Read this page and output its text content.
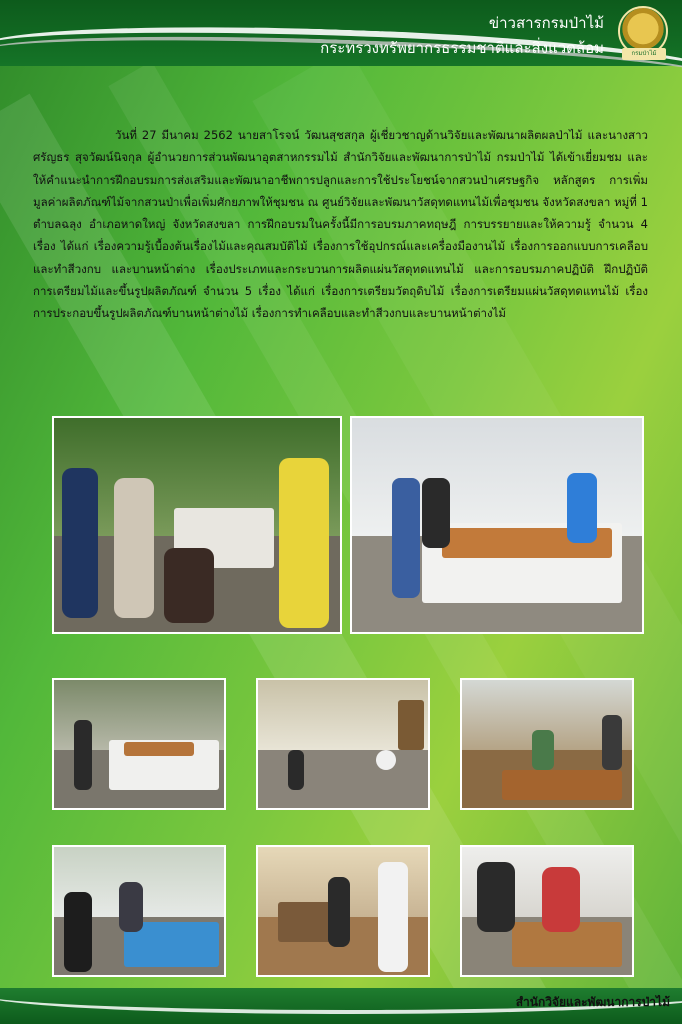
ข่าวสารกรมป่าไม้
กระทรวงทรัพยากรธรรมชาติและสิ่งแวดล้อม	กรมป่าไม้
วันที่ 27 มีนาคม 2562 นายสาโรจน์ วัฒนสุชสกุล ผู้เชี่ยวชาญด้านวิจัยและพัฒนาผลิตผลป่าไม้ และนางสาวศรัญธร สุจวัฒน์นิจกุล ผู้อำนวยการส่วนพัฒนาอุตสาหกรรมไม้ สำนักวิจัยและพัฒนาการป่าไม้ กรมป่าไม้ ได้เข้าเยี่ยมชม และให้คำแนะนำการฝึกอบรมการส่งเสริมและพัฒนาอาชีพการปลูกและการใช้ประโยชน์จากสวนป่าเศรษฐกิจ หลักสูตร การเพิ่มมูลค่าผลิตภัณฑ์ไม้จากสวนป่าเพื่อเพิ่มศักยภาพให้ชุมชน ณ ศูนย์วิจัยและพัฒนาวัสดุทดแทนไม้เพื่อชุมชน จังหวัดสงขลา หมู่ที่ 1 ตำบลฉลุง อำเภอหาดใหญ่ จังหวัดสงขลา การฝึกอบรมในครั้งนี้มีการอบรมภาคทฤษฎี การบรรยายและให้ความรู้ จำนวน 4 เรื่อง ได้แก่ เรื่องความรู้เบื้องต้นเรื่องไม้และคุณสมบัติไม้ เรื่องการใช้อุปกรณ์และเครื่องมืองานไม้ เรื่องการออกแบบการเคลือบและทำสีวงกบ และบานหน้าต่าง เรื่องประเภทและกระบวนการผลิตแผ่นวัสดุทดแทนไม้ และการอบรมภาคปฏิบัติ ฝึกปฏิบัติการเตรียมไม้และขึ้นรูปผลิตภัณฑ์ จำนวน 5 เรื่อง ได้แก่ เรื่องการเตรียมวัตถุดิบไม้ เรื่องการเตรียมแผ่นวัสดุทดแทนไม้ เรื่องการประกอบขึ้นรูปผลิตภัณฑ์บานหน้าต่างไม้ เรื่องการทำเคลือบและทำสีวงกบและบานหน้าต่างไม้
สำนักวิจัยและพัฒนาการป่าไม้
